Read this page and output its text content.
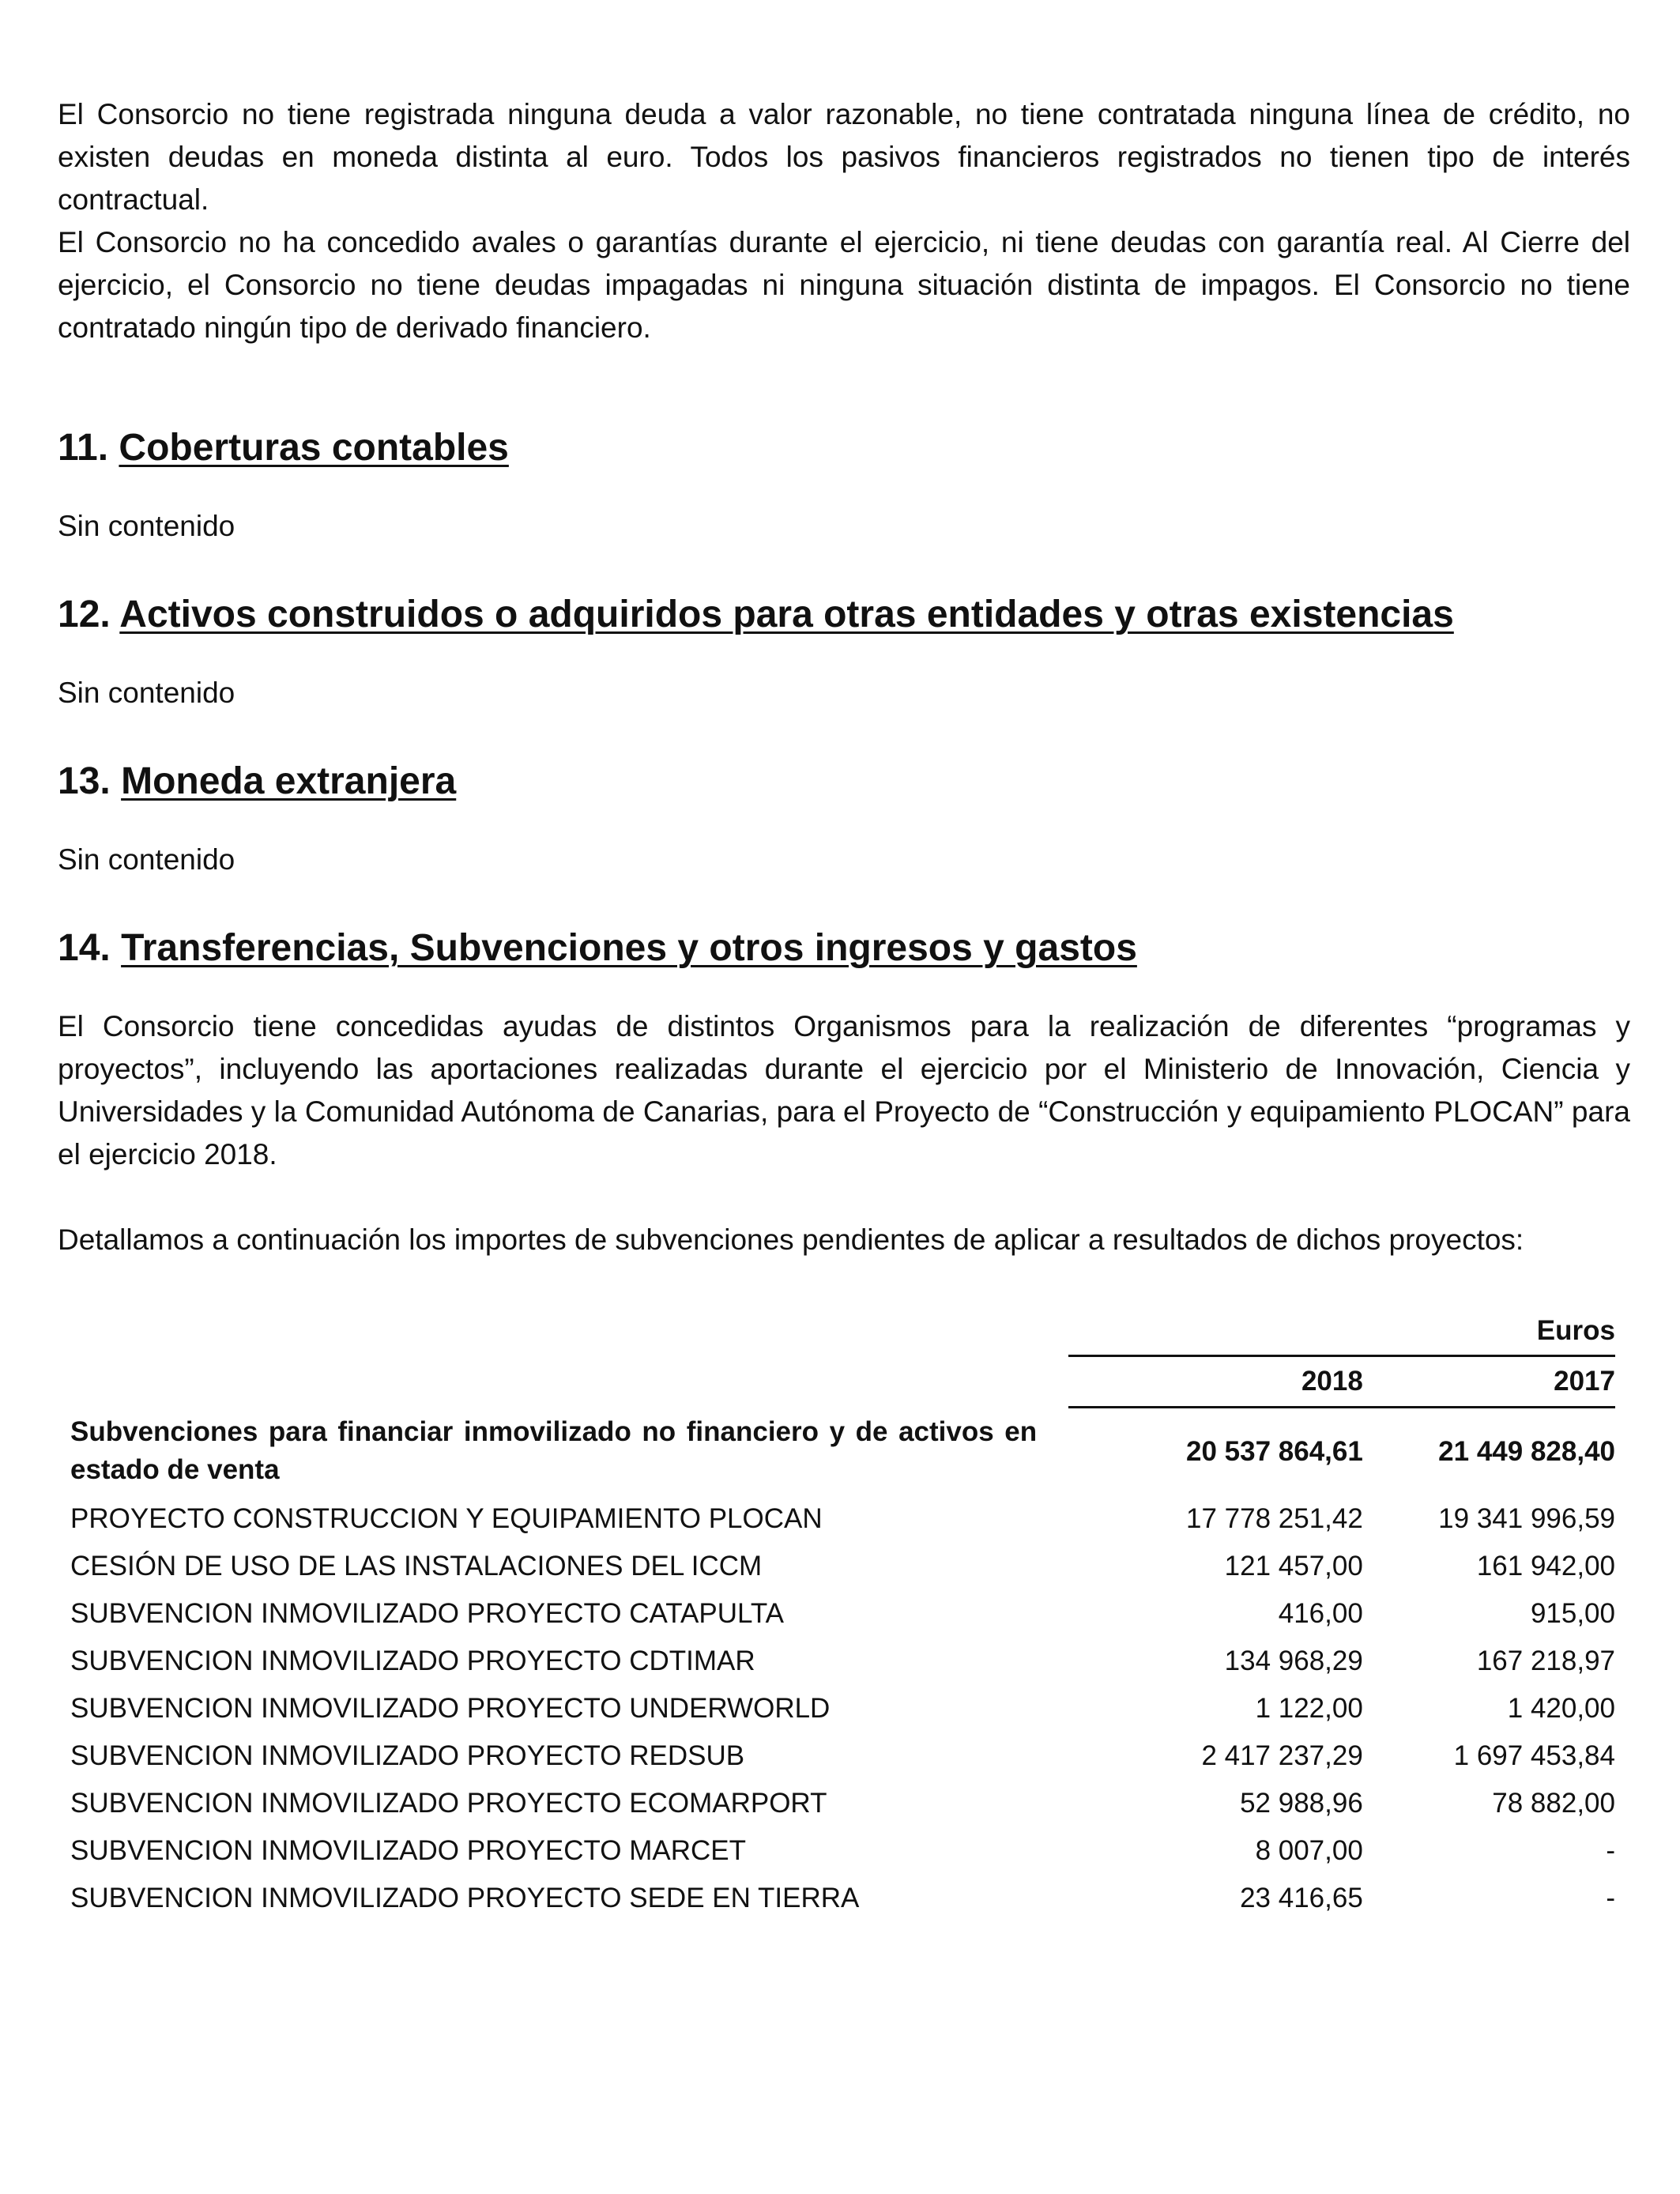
El Consorcio no tiene registrada ninguna deuda a valor razonable, no tiene contratada ninguna línea de crédito, no existen deudas en moneda distinta al euro. Todos los pasivos financieros registrados no tienen tipo de interés contractual.

El Consorcio no ha concedido avales o garantías durante el ejercicio, ni tiene deudas con garantía real. Al Cierre del ejercicio, el Consorcio no tiene deudas impagadas ni ninguna situación distinta de impagos. El Consorcio no tiene contratado ningún tipo de derivado financiero.

11. Coberturas contables

Sin contenido

12. Activos construidos o adquiridos para otras entidades y otras existencias

Sin contenido

13. Moneda extranjera

Sin contenido

14. Transferencias, Subvenciones y otros ingresos y gastos

El Consorcio tiene concedidas ayudas de distintos Organismos para la realización de diferentes “programas y proyectos”, incluyendo las aportaciones realizadas durante el ejercicio por el Ministerio de Innovación, Ciencia y Universidades y la Comunidad Autónoma de Canarias, para el Proyecto de “Construcción y equipamiento PLOCAN” para el ejercicio 2018.

Detallamos a continuación los importes de subvenciones pendientes de aplicar a resultados de dichos proyectos:

		Euros
	2018	2017
Subvenciones para financiar inmovilizado no financiero y de activos en estado de venta	20 537 864,61	21 449 828,40
PROYECTO CONSTRUCCION Y EQUIPAMIENTO PLOCAN	17 778 251,42	19 341 996,59
CESIÓN DE USO DE LAS INSTALACIONES DEL ICCM	121 457,00	161 942,00
SUBVENCION INMOVILIZADO PROYECTO CATAPULTA	416,00	915,00
SUBVENCION INMOVILIZADO PROYECTO CDTIMAR	134 968,29	167 218,97
SUBVENCION INMOVILIZADO PROYECTO UNDERWORLD	1 122,00	1 420,00
SUBVENCION INMOVILIZADO PROYECTO REDSUB	2 417 237,29	1 697 453,84
SUBVENCION INMOVILIZADO PROYECTO ECOMARPORT	52 988,96	78 882,00
SUBVENCION INMOVILIZADO PROYECTO MARCET	8 007,00	-
SUBVENCION INMOVILIZADO PROYECTO SEDE EN TIERRA	23 416,65	-
